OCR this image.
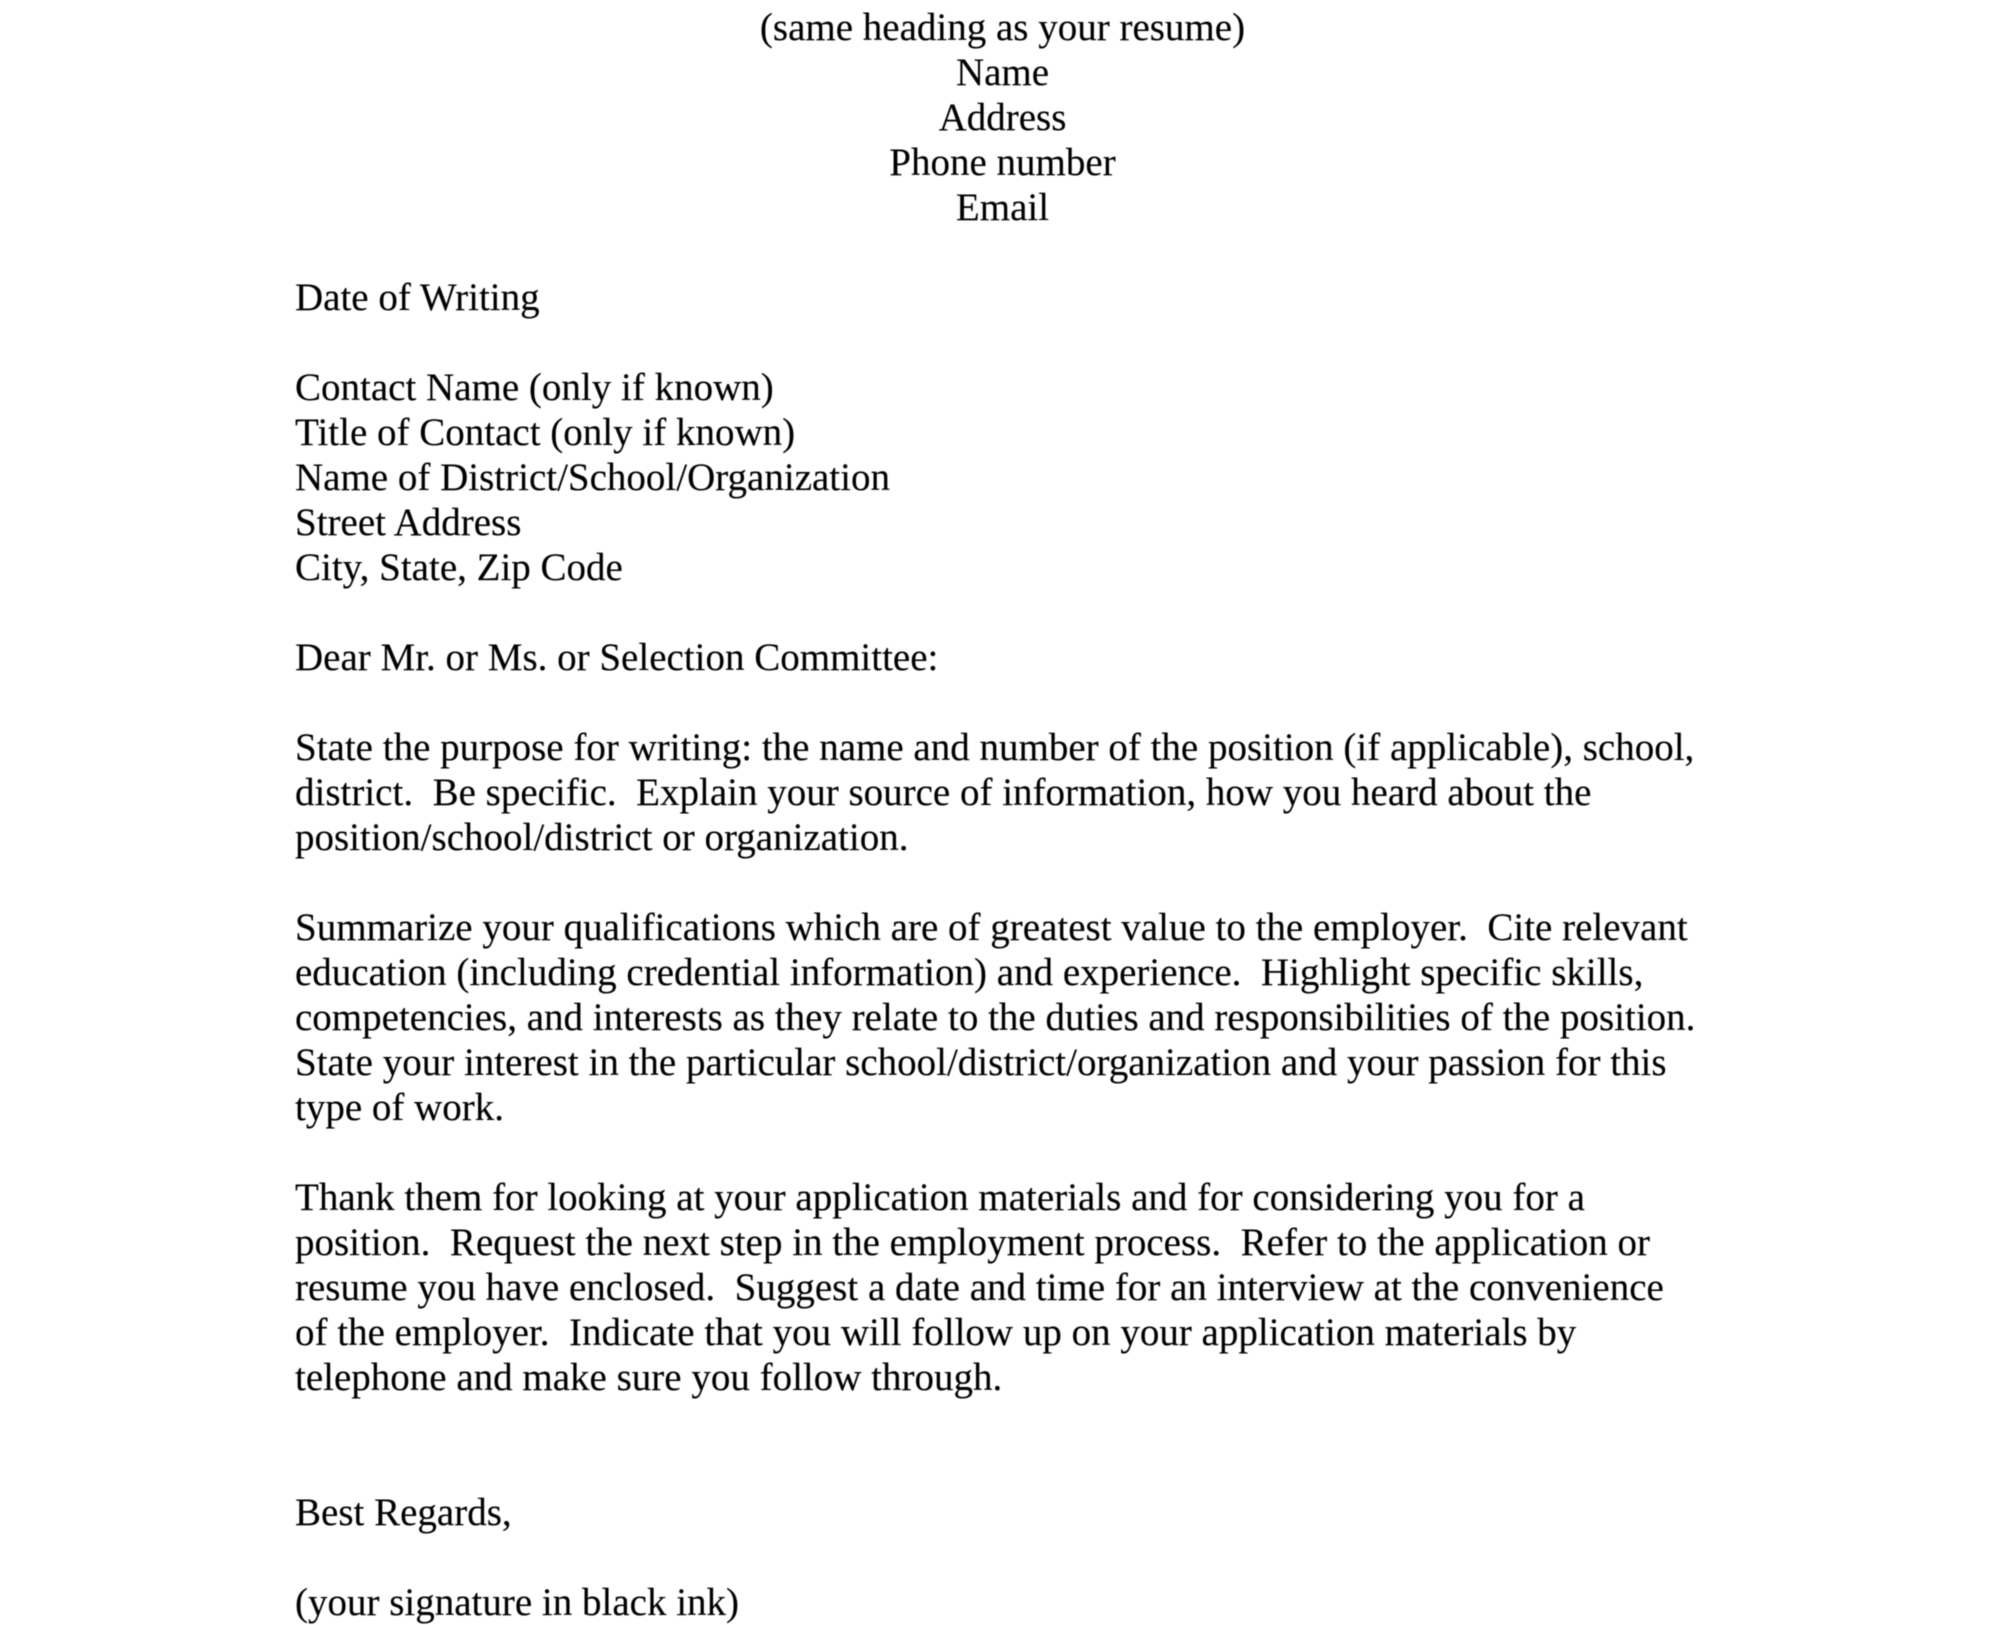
(same heading as your resume)
Name
Address
Phone number
Email
Date of Writing
Contact Name (only if known)
Title of Contact (only if known)
Name of District/School/Organization
Street Address
City, State, Zip Code
Dear Mr. or Ms. or Selection Committee:
State the purpose for writing: the name and number of the position (if applicable), school,
district.  Be specific.  Explain your source of information, how you heard about the
position/school/district or organization.
Summarize your qualifications which are of greatest value to the employer.  Cite relevant
education (including credential information) and experience.  Highlight specific skills,
competencies, and interests as they relate to the duties and responsibilities of the position.
State your interest in the particular school/district/organization and your passion for this
type of work.
Thank them for looking at your application materials and for considering you for a
position.  Request the next step in the employment process.  Refer to the application or
resume you have enclosed.  Suggest a date and time for an interview at the convenience
of the employer.  Indicate that you will follow up on your application materials by
telephone and make sure you follow through.
Best Regards,
(your signature in black ink)
